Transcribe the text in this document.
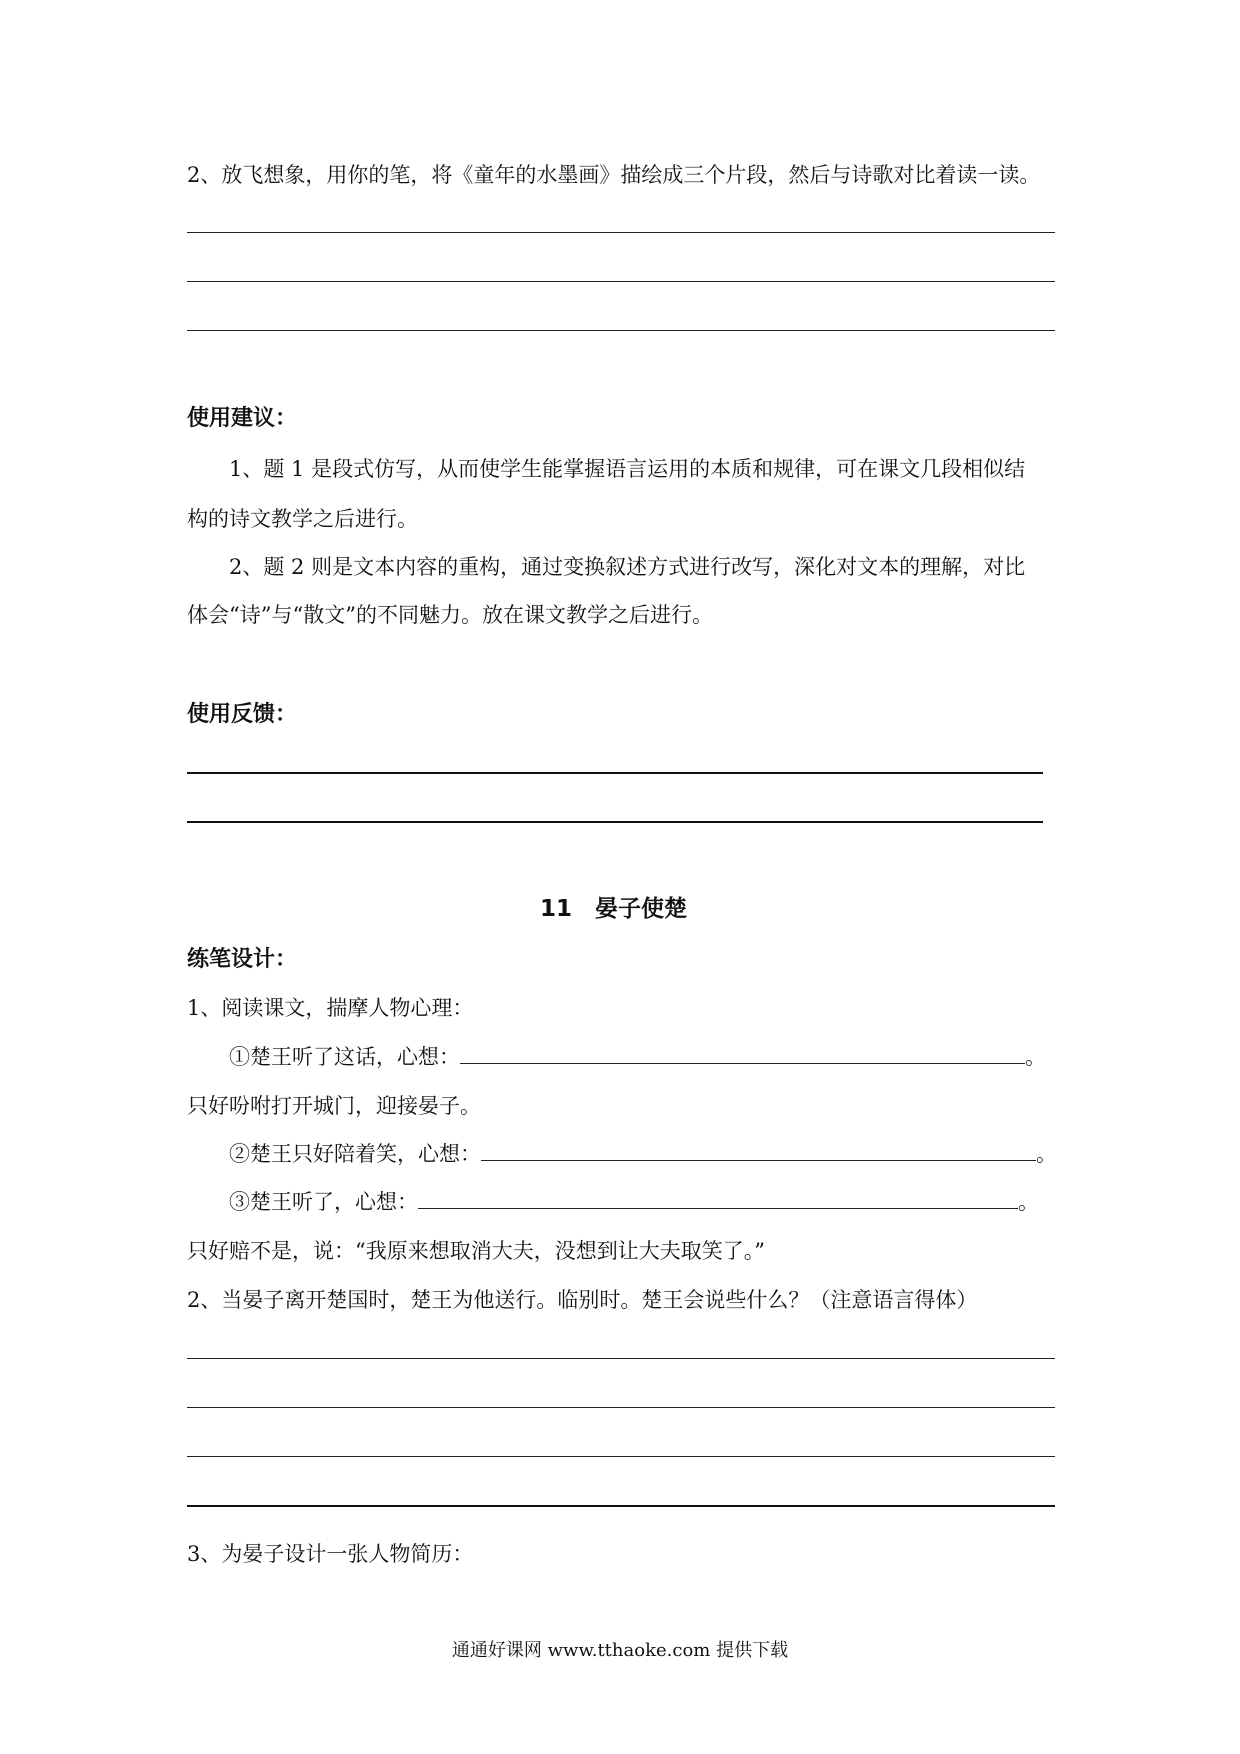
2、放飞想象，用你的笔，将《童年的水墨画》描绘成三个片段，然后与诗歌对比着读一读。

使用建议：

1、题 1 是段式仿写，从而使学生能掌握语言运用的本质和规律，可在课文几段相似结

构的诗文教学之后进行。

2、题 2 则是文本内容的重构，通过变换叙述方式进行改写，深化对文本的理解，对比

体会“诗”与“散文”的不同魅力。放在课文教学之后进行。

使用反馈：

11　晏子使楚

练笔设计：

1、阅读课文，揣摩人物心理：

①楚王听了这话，心想：	。

只好吩咐打开城门，迎接晏子。

②楚王只好陪着笑，心想：	。

③楚王听了，心想：	。

只好赔不是，说：“我原来想取消大夫，没想到让大夫取笑了。”

2、当晏子离开楚国时，楚王为他送行。临别时。楚王会说些什么？（注意语言得体）

3、为晏子设计一张人物简历：

通通好课网 www.tthaoke.com 提供下载
